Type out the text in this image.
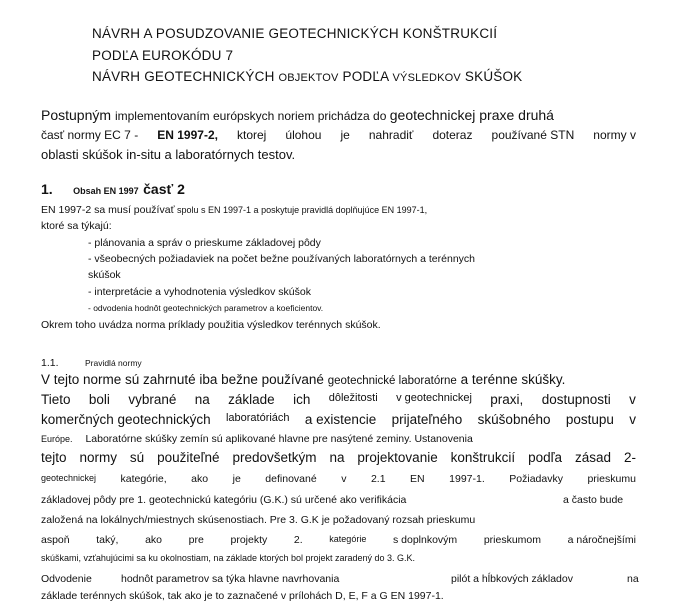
NÁVRH A POSUDZOVANIE GEOTECHNICKÝCH KONŠTRUKCIÍ
PODĽA EUROKÓDU 7
NÁVRH GEOTECHNICKÝCH OBJEKTOV PODĽA VÝSLEDKOV SKÚŠOK
Postupným implementovaním európskych noriem prichádza do geotechnickej praxe druhá
časť normy EC 7 - EN 1997-2, ktorej úlohou je nahradiť doteraz používané STN normy v
oblasti skúšok in-situ a laboratórnych testov.
1. Obsah EN 1997 časť 2
EN 1997-2 sa musí používať spolu s EN 1997-1 a poskytuje pravidlá doplňujúce EN 1997-1,
ktoré sa týkajú:
- plánovania a správ o prieskume základovej pôdy
- všeobecných požiadaviek na počet bežne používaných laboratórnych a terénnych
skúšok
- interpretácie a vyhodnotenia výsledkov skúšok
- odvodenia hodnôt geotechnických parametrov a koeficientov.
Okrem toho uvádza norma príklady použitia výsledkov terénnych skúšok.
1.1.	Pravidlá normy
V tejto norme sú zahrnuté iba bežne používané geotechnické laboratórne a terénne skúšky.
Tieto boli vybrané na základe ich dôležitosti v geotechnickej praxi, dostupnosti v
komerčných geotechnických laboratóriách a existencie prijateľného skúšobného postupu v
Európe. Laboratórne skúšky zemín sú aplikované hlavne pre nasýtené zeminy. Ustanovenia
tejto normy sú použiteľné predovšetkým na projektovanie konštrukcií podľa zásad 2-
geotechnickej kategórie, ako je definované v 2.1 EN 1997-1. Požiadavky prieskumu
základovej pôdy pre 1. geotechnickú kategóriu (G.K.) sú určené ako verifikácia	a často bude
založená na lokálnych/miestnych skúsenostiach. Pre 3. G.K je požadovaný rozsah prieskumu
aspoň	taký,	ako	pre	projekty	2.	kategórie	s doplnkovým	prieskumom	a náročnejšími
skúškami, vzťahujúcimi sa ku okolnostiam, na základe ktorých bol projekt zaradený do 3. G.K.
Odvodenie	hodnôt parametrov sa týka hlavne navrhovania	pilót a hĺbkových základov	na
základe terénnych skúšok, tak ako je to zaznačené v prílohách D, E, F a G EN 1997-1.
